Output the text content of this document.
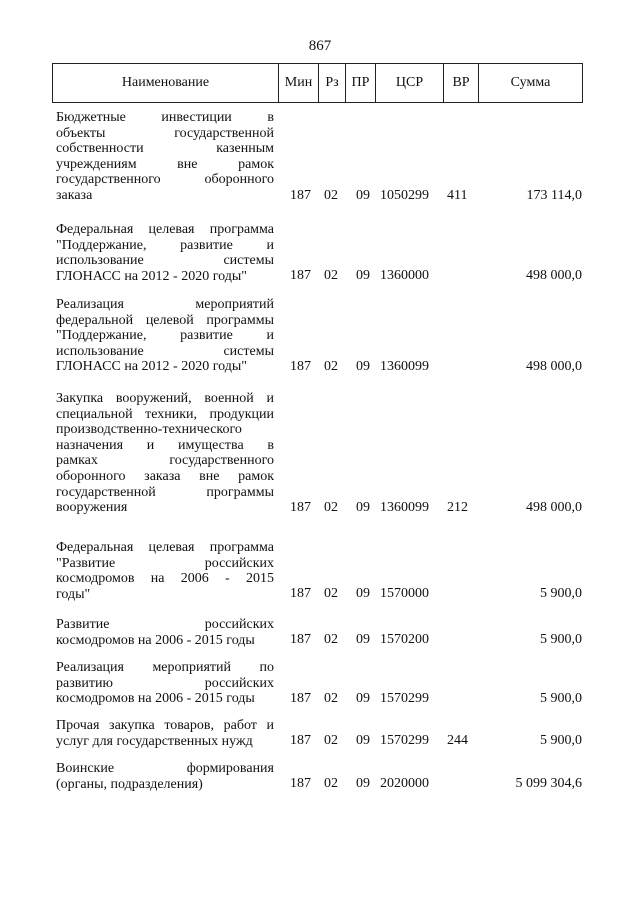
867
Наименование	Мин Рз ПР	ЦСР	ВР	Сумма
Бюджетные инвестиции в
объекты государственной
собственности казенным
учреждениям вне рамок
государственного оборонного
заказа	187 02 09 1050299 411	173 114,0
Федеральная целевая программа
"Поддержание, развитие и
использование системы
ГЛОНАСС на 2012 - 2020 годы"	187 02 09 1360000	498 000,0
Реализация мероприятий
федеральной целевой программы
"Поддержание, развитие и
использование системы
ГЛОНАСС на 2012 - 2020 годы"	187 02 09 1360099	498 000,0
Закупка вооружений, военной и
специальной техники, продукции
производственно-технического
назначения и имущества в
рамках государственного
оборонного заказа вне рамок
государственной программы
вооружения	187 02 09 1360099 212	498 000,0
Федеральная целевая программа
"Развитие российских
космодромов на 2006 - 2015
годы"	187 02 09 1570000	5 900,0
Развитие российских
космодромов на 2006 - 2015 годы	187 02 09 1570200	5 900,0
Реализация мероприятий по
развитию российских
космодромов на 2006 - 2015 годы	187 02 09 1570299	5 900,0
Прочая закупка товаров, работ и
услуг для государственных нужд	187 02 09 1570299 244	5 900,0
Воинские формирования
(органы, подразделения)	187 02 09 2020000	5 099 304,6
